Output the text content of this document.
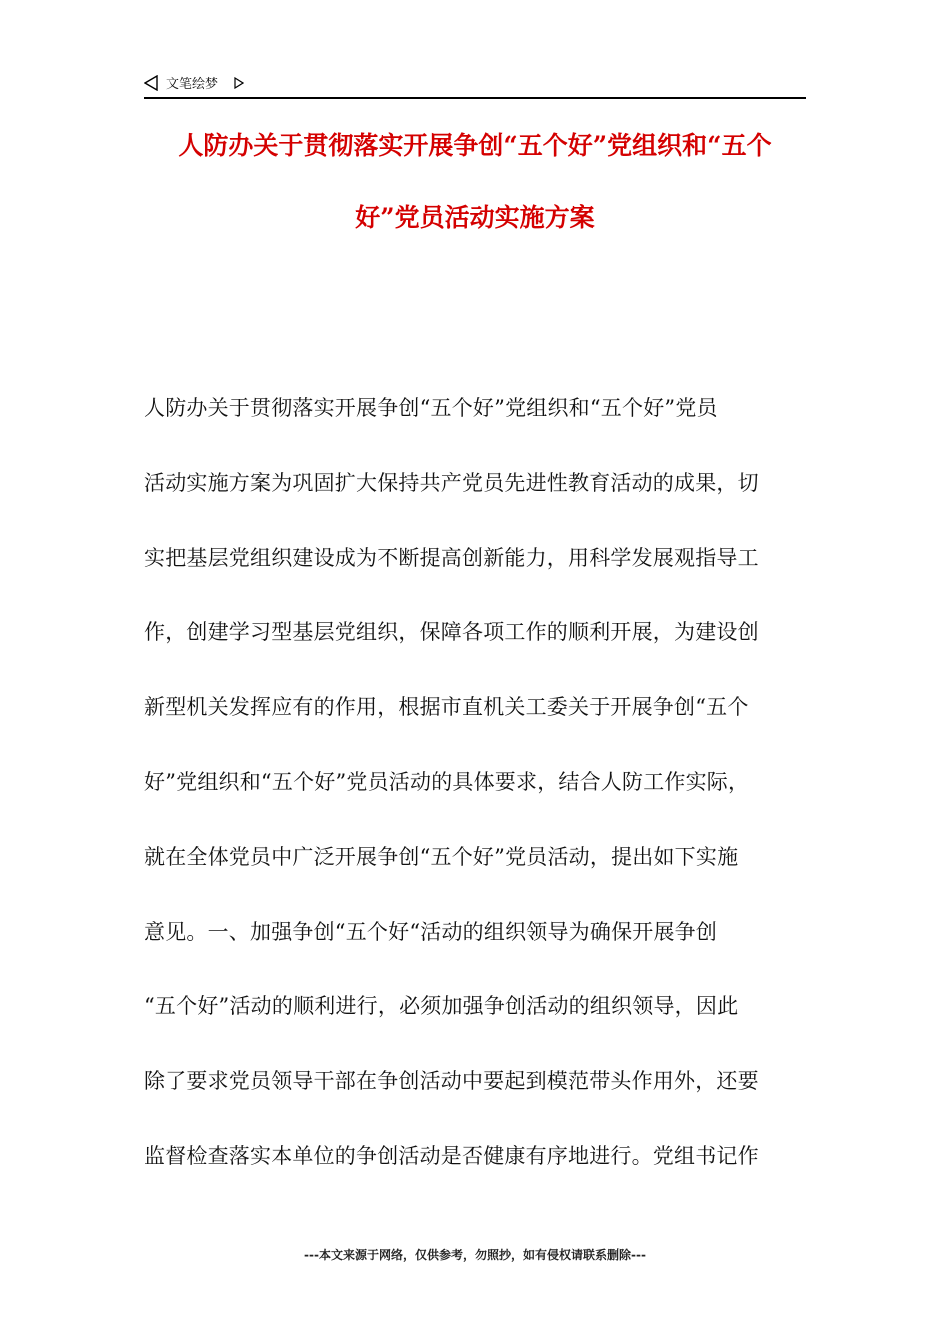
文笔绘梦
人防办关于贯彻落实开展争创“五个好”党组织和“五个
好”党员活动实施方案
人防办关于贯彻落实开展争创“五个好”党组织和“五个好”党员
活动实施方案为巩固扩大保持共产党员先进性教育活动的成果，切
实把基层党组织建设成为不断提高创新能力，用科学发展观指导工
作，创建学习型基层党组织，保障各项工作的顺利开展，为建设创
新型机关发挥应有的作用，根据市直机关工委关于开展争创“五个
好”党组织和“五个好”党员活动的具体要求，结合人防工作实际，
就在全体党员中广泛开展争创“五个好”党员活动，提出如下实施
意见。一、加强争创“五个好“活动的组织领导为确保开展争创
“五个好”活动的顺利进行，必须加强争创活动的组织领导，因此
除了要求党员领导干部在争创活动中要起到模范带头作用外，还要
监督检查落实本单位的争创活动是否健康有序地进行。党组书记作
---本文来源于网络，仅供参考，勿照抄，如有侵权请联系删除---
